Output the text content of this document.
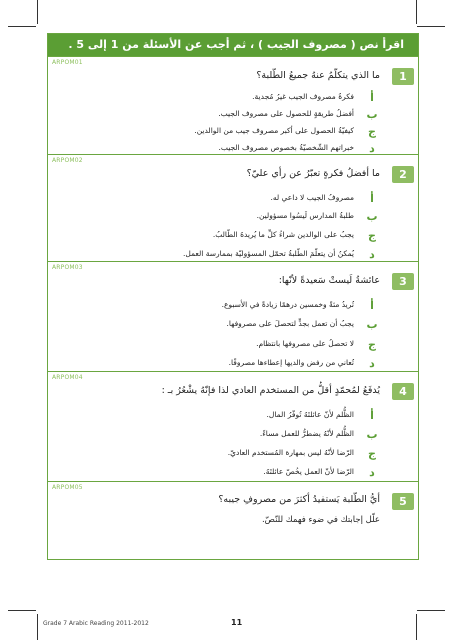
اقرأ نص ( مصروف الجيب ) ، ثم أجب عن الأسئلة من 1 إلى 5 .
ARPOM01
1
ما الذي يتكلّمُ عنهُ جميعُ الطّلبة؟
أفكرةُ مصروف الجيب غيرُ مُجدية.
بأفضلُ طريقةٍ للحصول على مصروف الجيب.
جكيفيّةُ الحصول على أكبر مصروف جيب من الوالدين.
دخبراتهم الشّخصيّةُ بخصوص مصروف الجيب.
ARPOM02
2
ما أفضلُ فكرةٍ تعبّرُ عن رأي عليّ؟
أمصروفُ الجيب لا داعي له.
بطلبةُ المدارس لَيسُوا مسؤولين.
جيجبُ على الوالدين شراءُ كلِّ ما يُريدهُ الطّالبُ.
ديُمكنُ أن يتعلّمَ الطّلبةُ تحمّل المسؤوليّة بممارسة العمل.
ARPOM03
3
عائشةُ لَيستْ سَعيدةً لأنّها:
أتُريدُ مئةً وخمسين درهمًا زيادةً في الأسبوع.
بيجبُ أن تعمل بجدٍّ لتحصلَ على مصروفها.
جلا تحصلُ على مصروفها بانتظام.
دتُعاني من رفض والديها إعطاءها مصروفًا.
ARPOM04
4
يُدفَعُ لمُحمّدٍ أقلُّ من المستخدم العادي لذا فإنّهُ يشْعُرُ بـ :
أالظُّلم لأنّ عائلتَهُ تُوفّرُ المال.
بالظُّلم لأنّهُ يضطرُّ للعمل مساءً.
جالرّضا لأنّهُ ليس بمهارة المُستخدم العاديّ.
دالرّضا لأنّ العمل يخُصّ عائلتَهُ.
ARPOM05
5
أيُّ الطّلبة يَستفيدُ أكثرَ من مصروفِ جيبه؟
علّل إجابتك في ضوء فهمك للنّصّ.
Grade 7 Arabic Reading 2011-2012	11
